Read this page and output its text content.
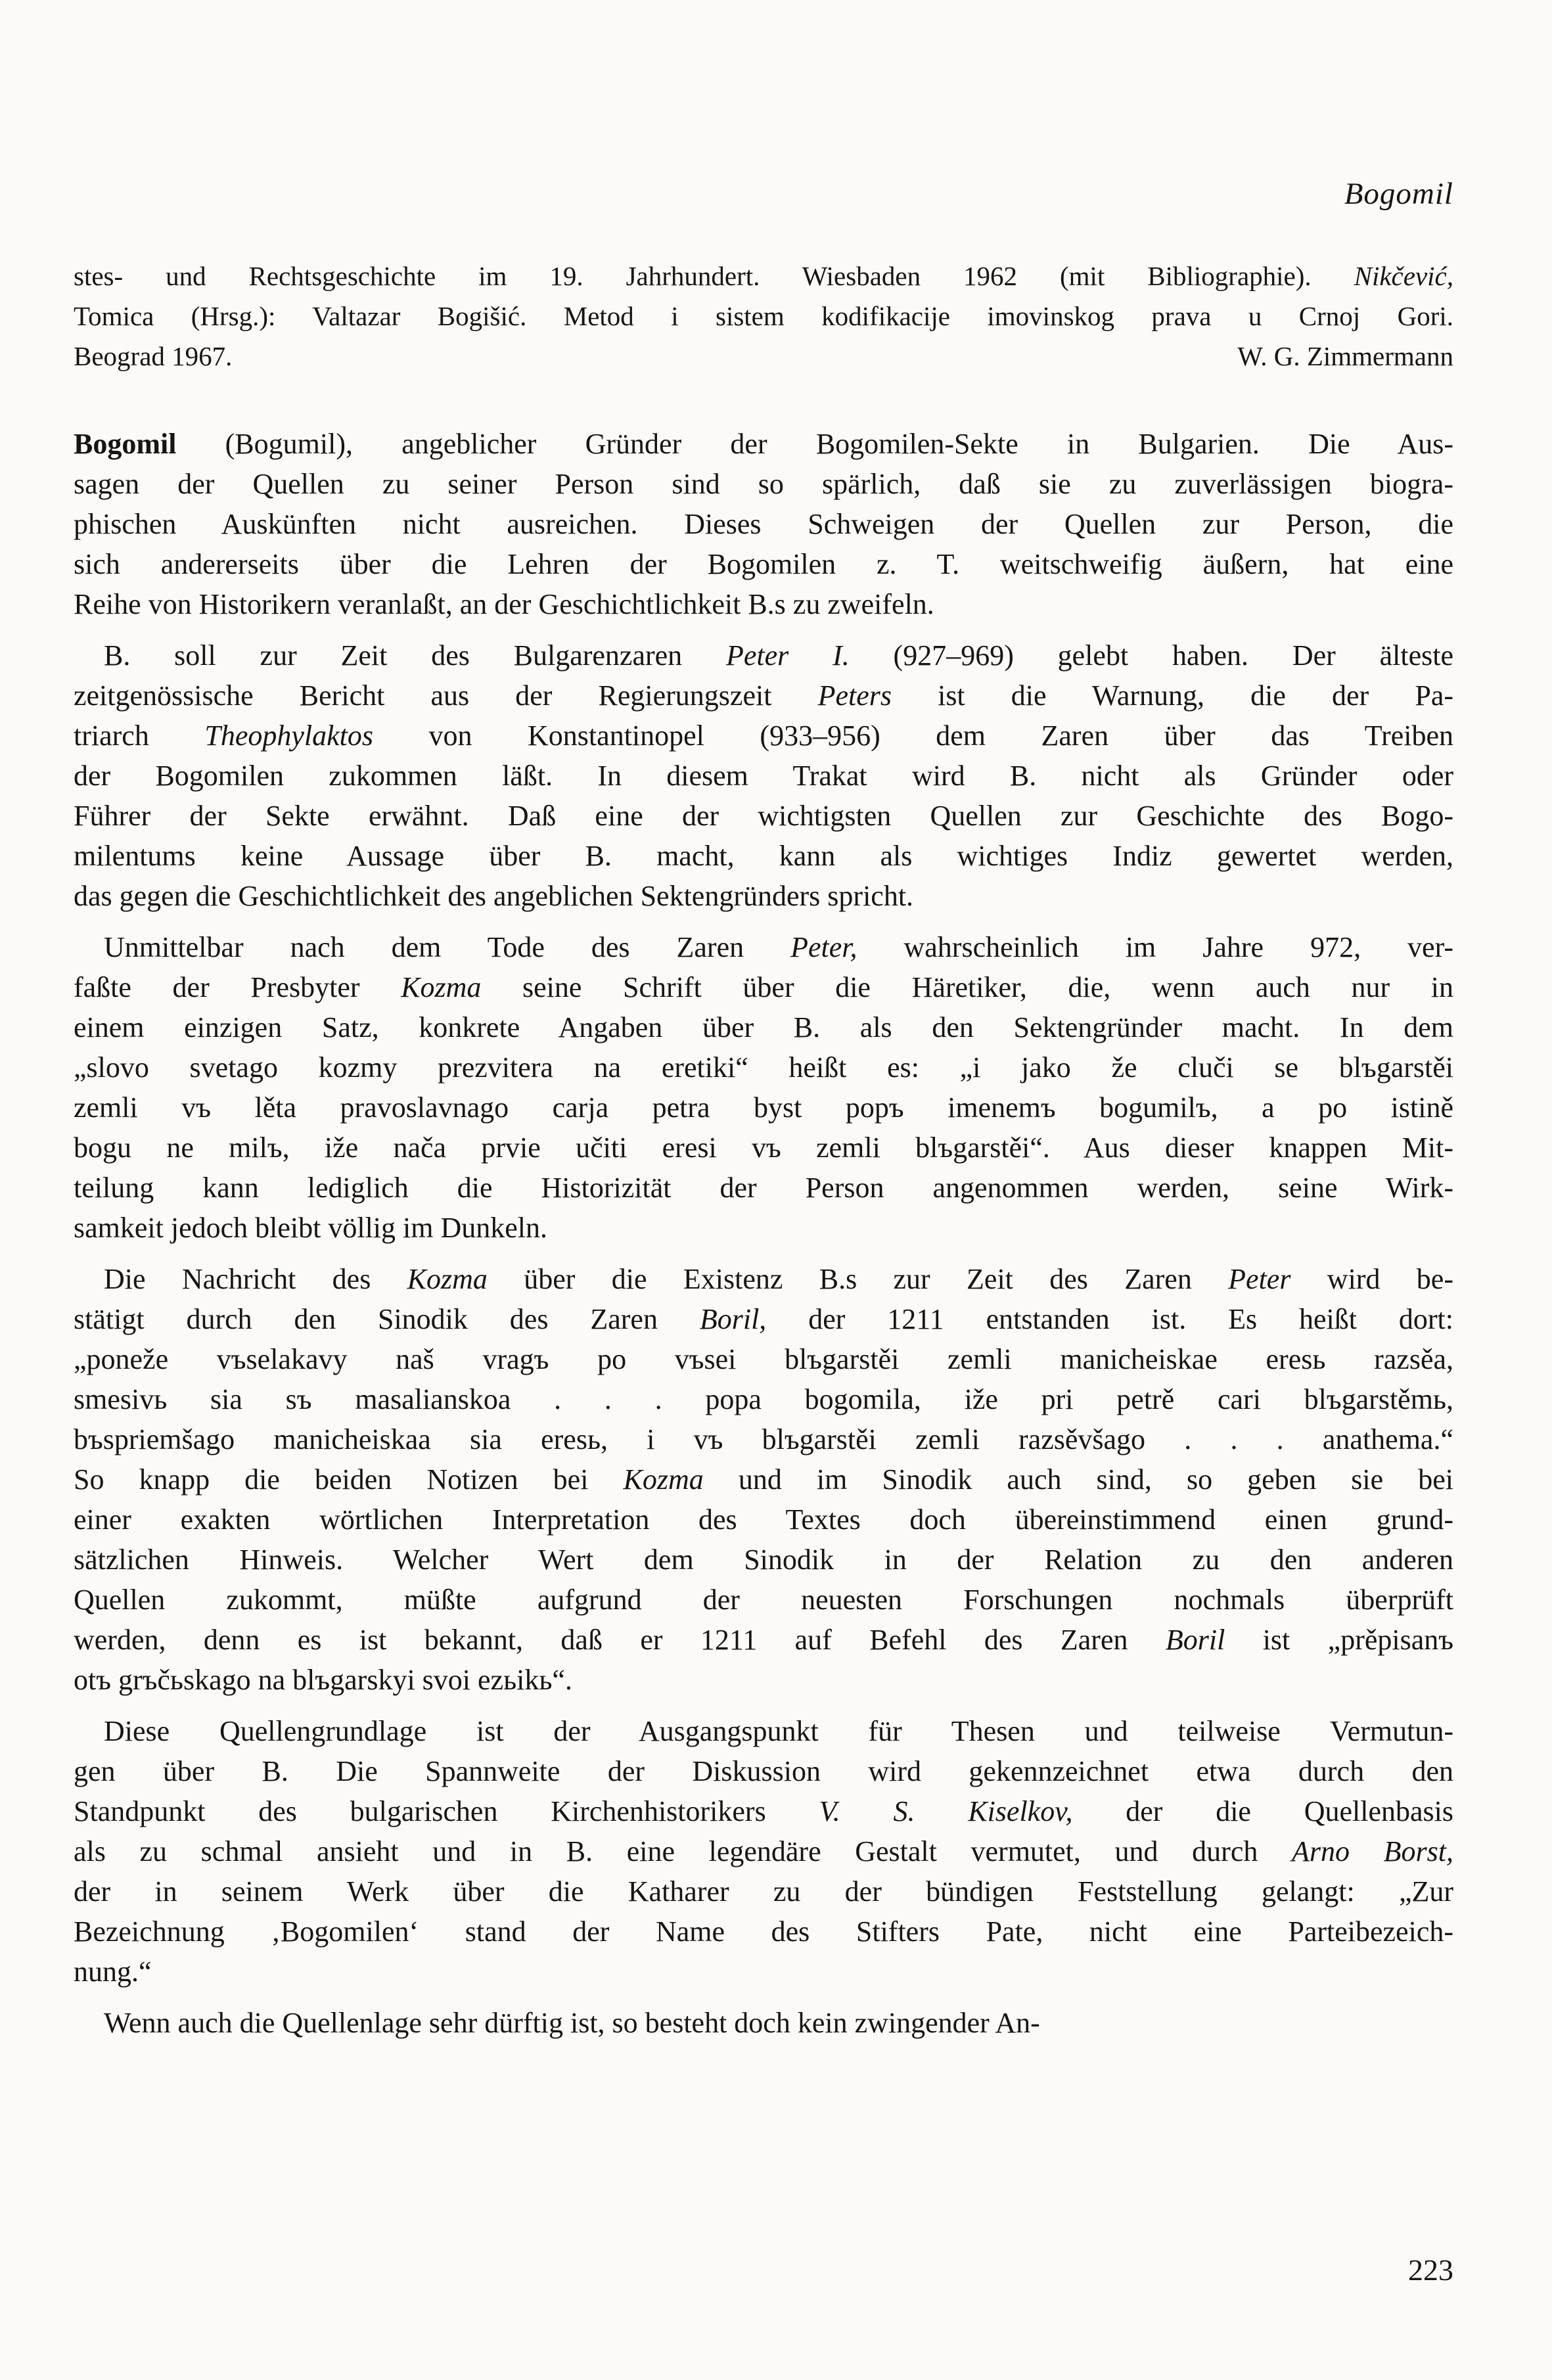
Bogomil
stes- und Rechtsgeschichte im 19. Jahrhundert. Wiesbaden 1962 (mit Bibliographie). Nikčević,
Tomica (Hrsg.): Valtazar Bogišić. Metod i sistem kodifikacije imovinskog prava u Crnoj Gori.
Beograd 1967.	W. G. Zimmermann
Bogomil (Bogumil), angeblicher Gründer der Bogomilen-Sekte in Bulgarien. Die Aus-
sagen der Quellen zu seiner Person sind so spärlich, daß sie zu zuverlässigen biogra-
phischen Auskünften nicht ausreichen. Dieses Schweigen der Quellen zur Person, die
sich andererseits über die Lehren der Bogomilen z. T. weitschweifig äußern, hat eine
Reihe von Historikern veranlaßt, an der Geschichtlichkeit B.s zu zweifeln.
B. soll zur Zeit des Bulgarenzaren Peter I. (927–969) gelebt haben. Der älteste
zeitgenössische Bericht aus der Regierungszeit Peters ist die Warnung, die der Pa-
triarch Theophylaktos von Konstantinopel (933–956) dem Zaren über das Treiben
der Bogomilen zukommen läßt. In diesem Trakat wird B. nicht als Gründer oder
Führer der Sekte erwähnt. Daß eine der wichtigsten Quellen zur Geschichte des Bogo-
milentums keine Aussage über B. macht, kann als wichtiges Indiz gewertet werden,
das gegen die Geschichtlichkeit des angeblichen Sektengründers spricht.
Unmittelbar nach dem Tode des Zaren Peter, wahrscheinlich im Jahre 972, ver-
faßte der Presbyter Kozma seine Schrift über die Häretiker, die, wenn auch nur in
einem einzigen Satz, konkrete Angaben über B. als den Sektengründer macht. In dem
„slovo svetago kozmy prezvitera na eretiki“ heißt es: „i jako že cluči se blъgarstěi
zemli vъ lěta pravoslavnago carja petra byst popъ imenemъ bogumilъ, a po istině
bogu ne milъ, iže nača prvie učiti eresi vъ zemli blъgarstěi“. Aus dieser knappen Mit-
teilung kann lediglich die Historizität der Person angenommen werden, seine Wirk-
samkeit jedoch bleibt völlig im Dunkeln.
Die Nachricht des Kozma über die Existenz B.s zur Zeit des Zaren Peter wird be-
stätigt durch den Sinodik des Zaren Boril, der 1211 entstanden ist. Es heißt dort:
„poneže vъselakavy naš vragъ po vъsei blъgarstěi zemli manicheiskae eresь razsěa,
smesivь sia sъ masalianskoa . . . popa bogomila, iže pri petrě cari blъgarstěmь,
bъspriemšago manicheiskaa sia eresь, i vъ blъgarstěi zemli razsěvšago . . . anathema.“
So knapp die beiden Notizen bei Kozma und im Sinodik auch sind, so geben sie bei
einer exakten wörtlichen Interpretation des Textes doch übereinstimmend einen grund-
sätzlichen Hinweis. Welcher Wert dem Sinodik in der Relation zu den anderen
Quellen zukommt, müßte aufgrund der neuesten Forschungen nochmals überprüft
werden, denn es ist bekannt, daß er 1211 auf Befehl des Zaren Boril ist „prěpisanъ
otъ grъčьskago na blъgarskyi svoi ezьikь“.
Diese Quellengrundlage ist der Ausgangspunkt für Thesen und teilweise Vermutun-
gen über B. Die Spannweite der Diskussion wird gekennzeichnet etwa durch den
Standpunkt des bulgarischen Kirchenhistorikers V. S. Kiselkov, der die Quellenbasis
als zu schmal ansieht und in B. eine legendäre Gestalt vermutet, und durch Arno Borst,
der in seinem Werk über die Katharer zu der bündigen Feststellung gelangt: „Zur
Bezeichnung ‚Bogomilen‘ stand der Name des Stifters Pate, nicht eine Parteibezeich-
nung.“
Wenn auch die Quellenlage sehr dürftig ist, so besteht doch kein zwingender An-
223
